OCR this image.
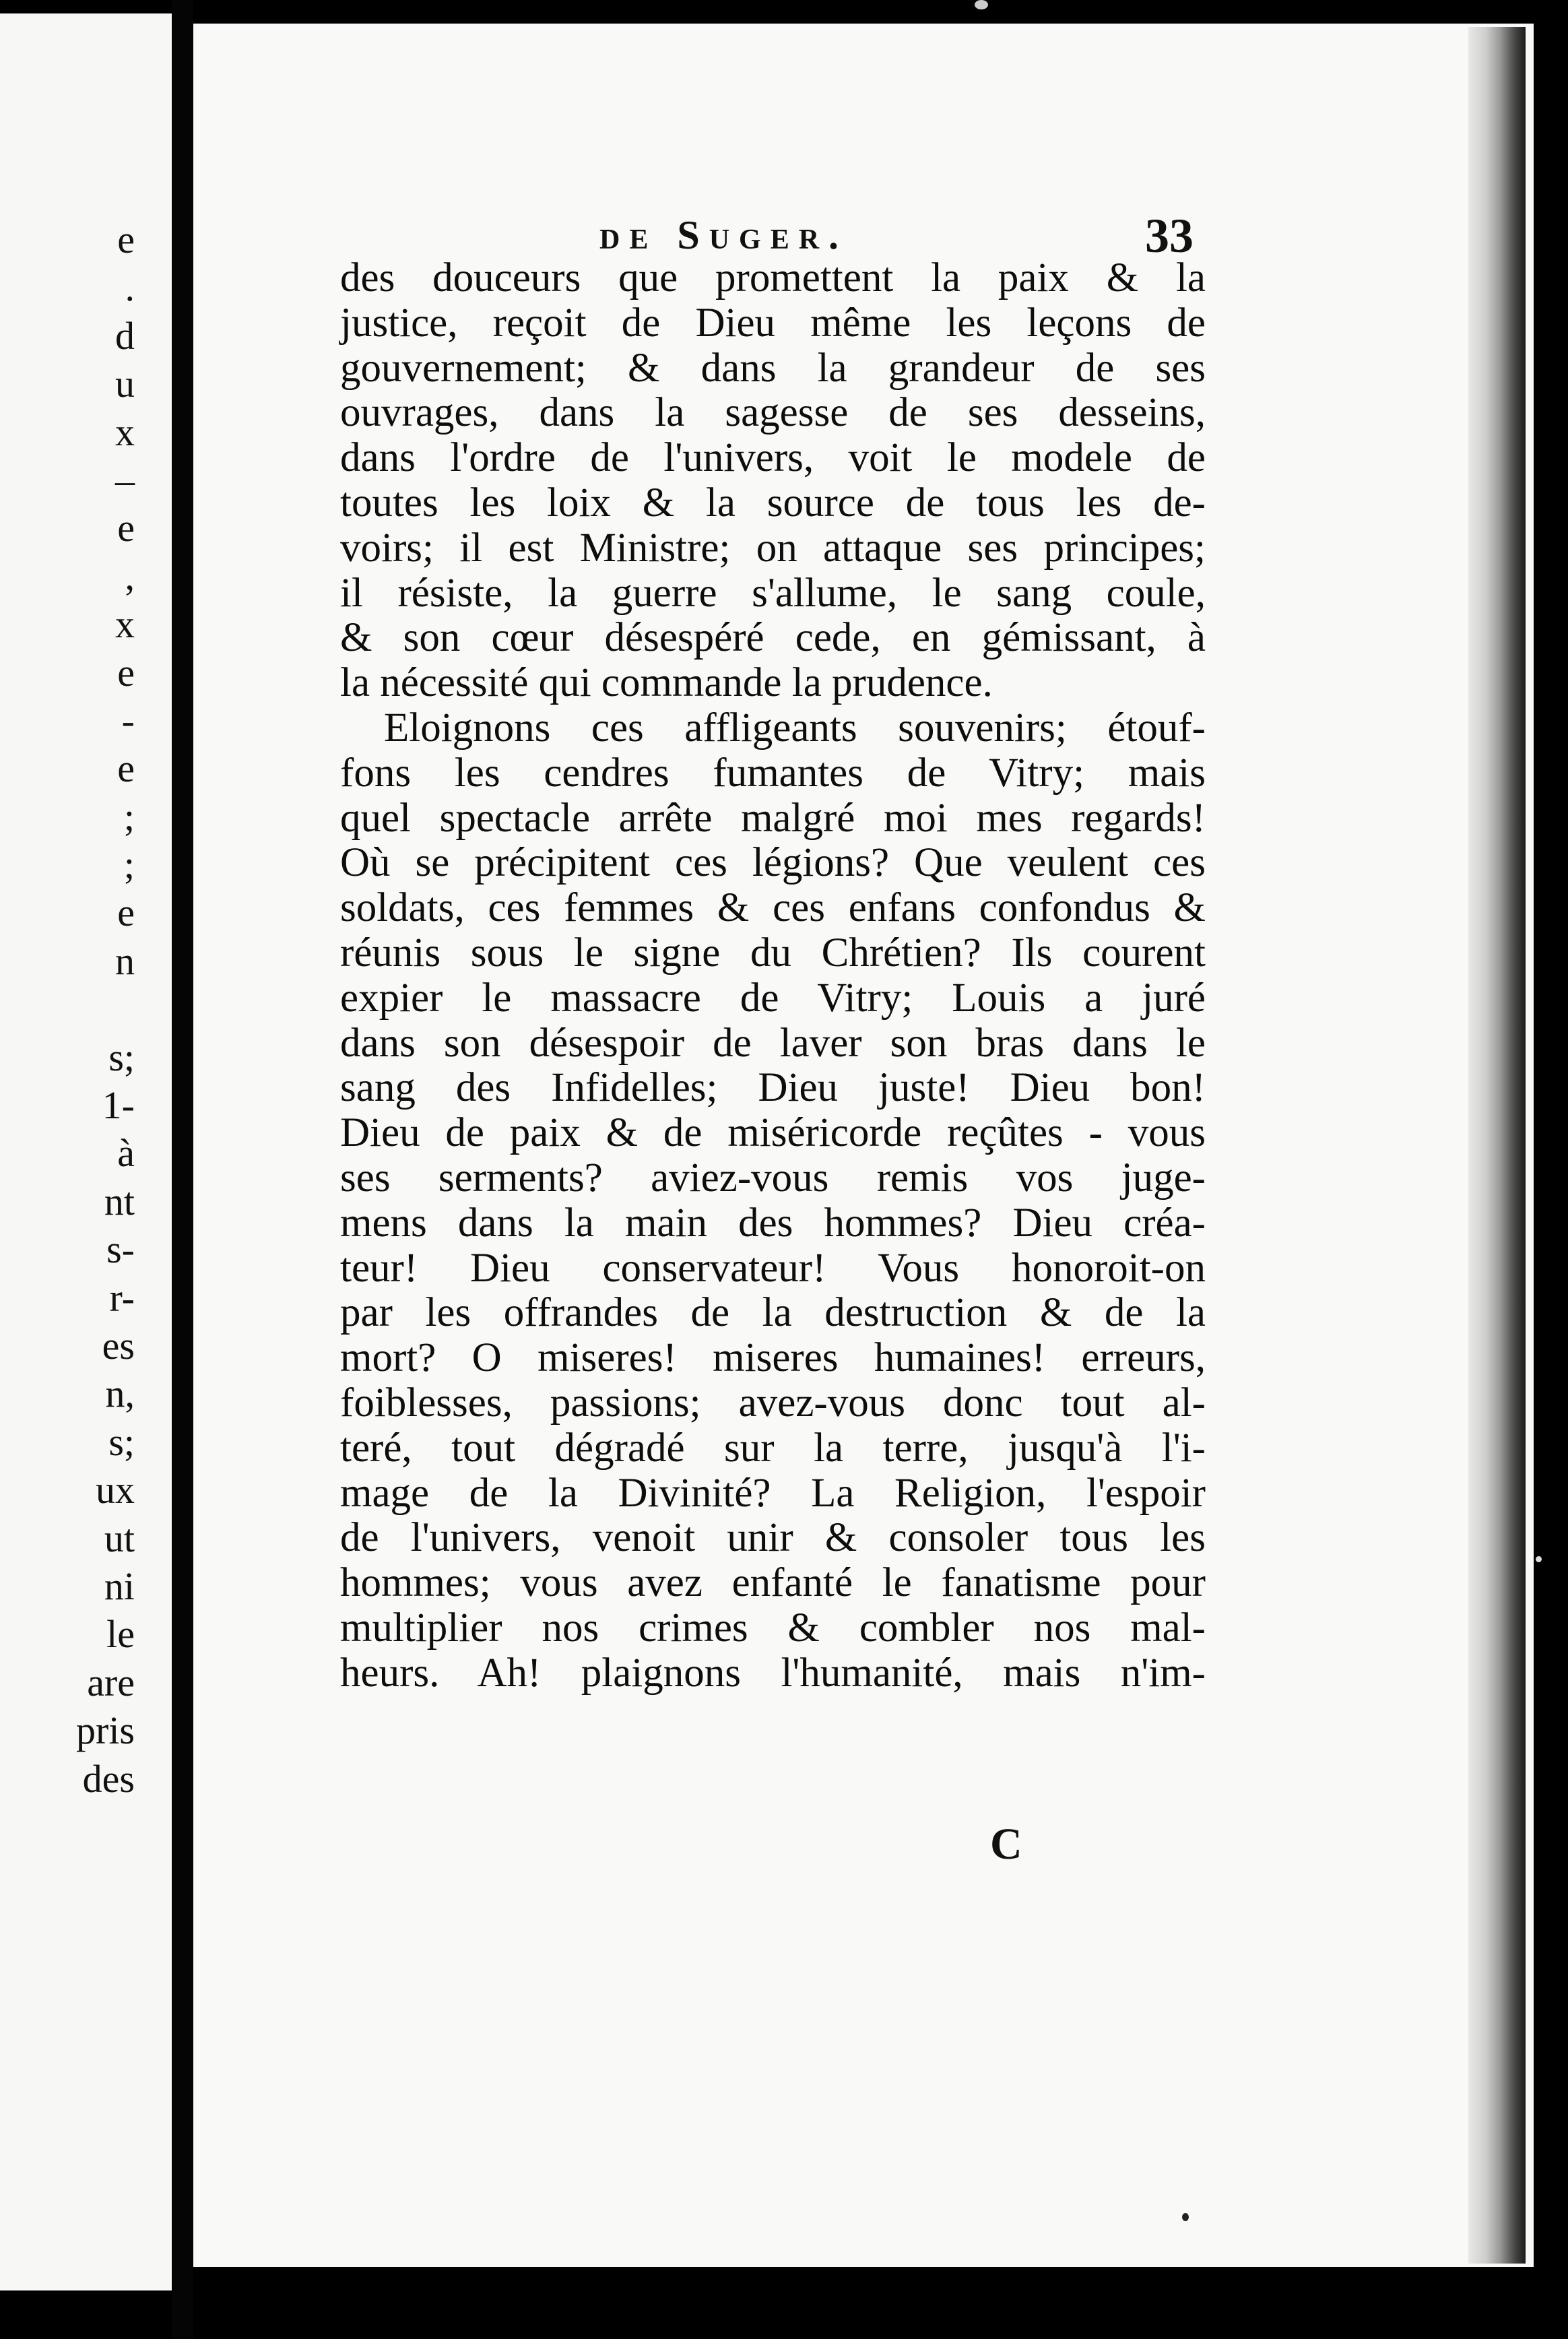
e
.
d
u
x
–
e
,
x
e
-
e
;
;
e
n
s;
1-
à
nt
s-
r-
es
n,
s;
ux
ut
ni
le
are
pris
des
de Suger.	33
des douceurs que promettent la paix & la
justice, reçoit de Dieu même les leçons de
gouvernement; & dans la grandeur de ses
ouvrages, dans la sagesse de ses desseins,
dans l'ordre de l'univers, voit le modele de
toutes les loix & la source de tous les de-
voirs; il est Ministre; on attaque ses principes;
il résiste, la guerre s'allume, le sang coule,
& son cœur désespéré cede, en gémissant, à
la nécessité qui commande la prudence.
Eloignons ces affligeants souvenirs; étouf-
fons les cendres fumantes de Vitry; mais
quel spectacle arrête malgré moi mes regards!
Où se précipitent ces légions? Que veulent ces
soldats, ces femmes & ces enfans confondus &
réunis sous le signe du Chrétien? Ils courent
expier le massacre de Vitry; Louis a juré
dans son désespoir de laver son bras dans le
sang des Infidelles; Dieu juste! Dieu bon!
Dieu de paix & de miséricorde reçûtes - vous
ses serments? aviez-vous remis vos juge-
mens dans la main des hommes? Dieu créa-
teur! Dieu conservateur! Vous honoroit-on
par les offrandes de la destruction & de la
mort? O miseres! miseres humaines! erreurs,
foiblesses, passions; avez-vous donc tout al-
teré, tout dégradé sur la terre, jusqu'à l'i-
mage de la Divinité? La Religion, l'espoir
de l'univers, venoit unir & consoler tous les
hommes; vous avez enfanté le fanatisme pour
multiplier nos crimes & combler nos mal-
heurs. Ah! plaignons l'humanité, mais n'im-
C
